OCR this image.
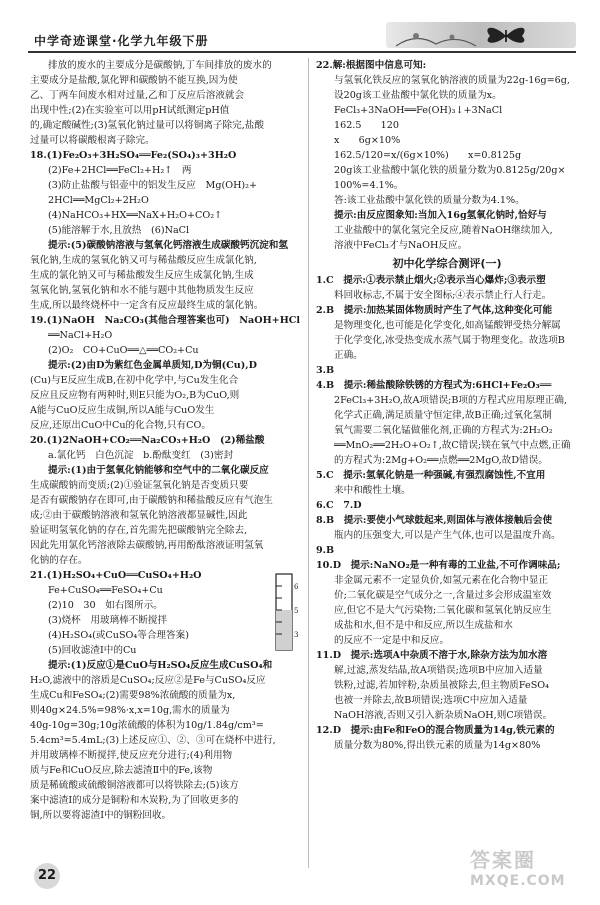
中学奇迹课堂·化学九年级下册

排放的废水的主要成分是碳酸钠,丁车间排放的废水的

主要成分是盐酸,氯化钾和碳酸钠不能互换,因为使

乙、丁两车间废水相对过量,乙和丁反应后溶液就会

出现中性;(2)在实验室可以用pH试纸测定pH值

的,确定酸碱性;(3)氢氧化钠过量可以将铜离子除完,盐酸

过量可以将碳酸根离子除完。

18.(1)Fe₂O₃+3H₂SO₄══Fe₂(SO₄)₃+3H₂O

(2)Fe+2HCl══FeCl₂+H₂↑　两

(3)防止盐酸与铝壶中的铝发生反应　Mg(OH)₂+

2HCl══MgCl₂+2H₂O

(4)NaHCO₃+HX══NaX+H₂O+CO₂↑

(5)能溶解于水,且放热　(6)NaCl

提示:(5)碳酸钠溶液与氢氧化钙溶液生成碳酸钙沉淀和氢

氧化钠,生成的氢氧化钠又可与稀盐酸反应生成氯化钠,

生成的氯化钠又可与稀盐酸发生反应生成氯化钠,生成

氢氧化钠,氢氧化钠和水不能与题中其他物质发生反应

生成,所以最终烧杯中一定含有反应最终生成的氯化钠。

19.(1)NaOH　Na₂CO₃(其他合理答案也可)　NaOH+HCl

══NaCl+H₂O

(2)O₂　CO+CuO══△══CO₂+Cu

提示:(2)由D为紫红色金属单质知,D为铜(Cu),D

(Cu)与E反应生成B,在初中化学中,与Cu发生化合

反应且反应物有两种时,则E只能为O₂,B为CuO,则

A能与CuO反应生成铜,所以A能与CuO发生

反应,还原出CuO中Cu的化合物,只有CO。

20.(1)2NaOH+CO₂══Na₂CO₃+H₂O　(2)稀盐酸

a.氯化钙　白色沉淀　b.酚酞变红　(3)密封

提示:(1)由于氢氧化钠能够和空气中的二氧化碳反应

生成碳酸钠而变质;(2)①验证氢氧化钠是否变质只要

是否有碳酸钠存在即可,由于碳酸钠和稀盐酸反应有气泡生

成;②由于碳酸钠溶液和氢氧化钠溶液都显碱性,因此

验证明氢氧化钠的存在,首先需先把碳酸钠完全除去,

因此先用氯化钙溶液除去碳酸钠,再用酚酞溶液证明氢氧

化钠的存在。

6
5
3

21.(1)H₂SO₄+CuO══CuSO₄+H₂O

Fe+CuSO₄══FeSO₄+Cu

(2)10　30　如右图所示。

(3)烧杯　用玻璃棒不断搅拌

(4)H₂SO₄(或CuSO₄等合理答案)

(5)回收滤渣Ⅰ中的Cu

提示:(1)反应①是CuO与H₂SO₄反应生成CuSO₄和

H₂O,滤液中的溶质是CuSO₄;反应②是Fe与CuSO₄反应

生成Cu和FeSO₄;(2)需要98%浓硫酸的质量为x,

则40g×24.5%=98%·x,x=10g,需水的质量为

40g-10g=30g;10g浓硫酸的体积为10g/1.84g/cm³=

5.4cm³=5.4mL;(3)上述反应①、②、③可在烧杯中进行,

并用玻璃棒不断搅拌,使反应充分进行;(4)利用物

质与Fe和CuO反应,除去滤渣Ⅱ中的Fe,该物

质是稀硫酸或硫酸铜溶液都可以将铁除去;(5)该方

案中滤渣Ⅰ的成分是铜粉和木炭粉,为了回收更多的

铜,所以要将滤渣Ⅰ中的铜粉回收。

22.解:根据图中信息可知:

与氢氧化铁反应的氢氧化钠溶液的质量为22g-16g=6g,

设20g该工业盐酸中氯化铁的质量为x。

FeCl₃+3NaOH══Fe(OH)₃↓+3NaCl

162.5　　120

x　　6g×10%

162.5/120=x/(6g×10%)　　x=0.8125g

20g该工业盐酸中氯化铁的质量分数为0.8125g/20g×

100%=4.1%。

答:该工业盐酸中氯化铁的质量分数为4.1%。

提示:由反应图象知:当加入16g氢氧化钠时,恰好与

工业盐酸中的氯化氢完全反应,随着NaOH继续加入,

溶液中FeCl₃才与NaOH反应。

初中化学综合测评(一)

1.C　提示:①表示禁止烟火;②表示当心爆炸;③表示塑

料回收标志,不属于安全图标;④表示禁止行人行走。

2.B　提示:加热某固体物质时产生了气体,这种变化可能

是物理变化,也可能是化学变化,如高锰酸钾受热分解属

于化学变化,冰受热变成水蒸气属于物理变化。故选项B

正确。

3.B

4.B　提示:稀盐酸除铁锈的方程式为:6HCl+Fe₂O₃══

2FeCl₃+3H₂O,故A项错误;B项的方程式应用原理正确,

化学式正确,满足质量守恒定律,故B正确;过氧化氢制

氧气需要二氧化锰做催化剂,正确的方程式为:2H₂O₂

══MnO₂══2H₂O+O₂↑,故C错误;镁在氧气中点燃,正确

的方程式为:2Mg+O₂══点燃══2MgO,故D错误。

5.C　提示:氢氧化钠是一种强碱,有强烈腐蚀性,不宜用

来中和酸性土壤。

6.C　7.D

8.B　提示:要使小气球鼓起来,则固体与液体接触后会使

瓶内的压强变大,可以是产生气体,也可以是温度升高。

9.B

10.D　提示:NaNO₂是一种有毒的工业盐,不可作调味品;

非金属元素不一定显负价,如氢元素在化合物中显正

价;二氧化碳是空气成分之一,含量过多会形成温室效

应,但它不是大气污染物;二氧化碳和氢氧化钠反应生

成盐和水,但不是中和反应,所以生成盐和水

的反应不一定是中和反应。

11.D　提示:选项A中杂质不溶于水,除杂方法为加水溶

解,过滤,蒸发结晶,故A项错误;选项B中应加入适量

铁粉,过滤,若加锌粉,杂质虽被除去,但主物质FeSO₄

也被一并除去,故B项错误;选项C中应加入适量

NaOH溶液,否则又引入新杂质NaOH,则C项错误。

12.D　提示:由Fe和FeO的混合物质量为14g,铁元素的

质量分数为80%,得出铁元素的质量为14g×80%

22
答案圈
MXQE.COM
